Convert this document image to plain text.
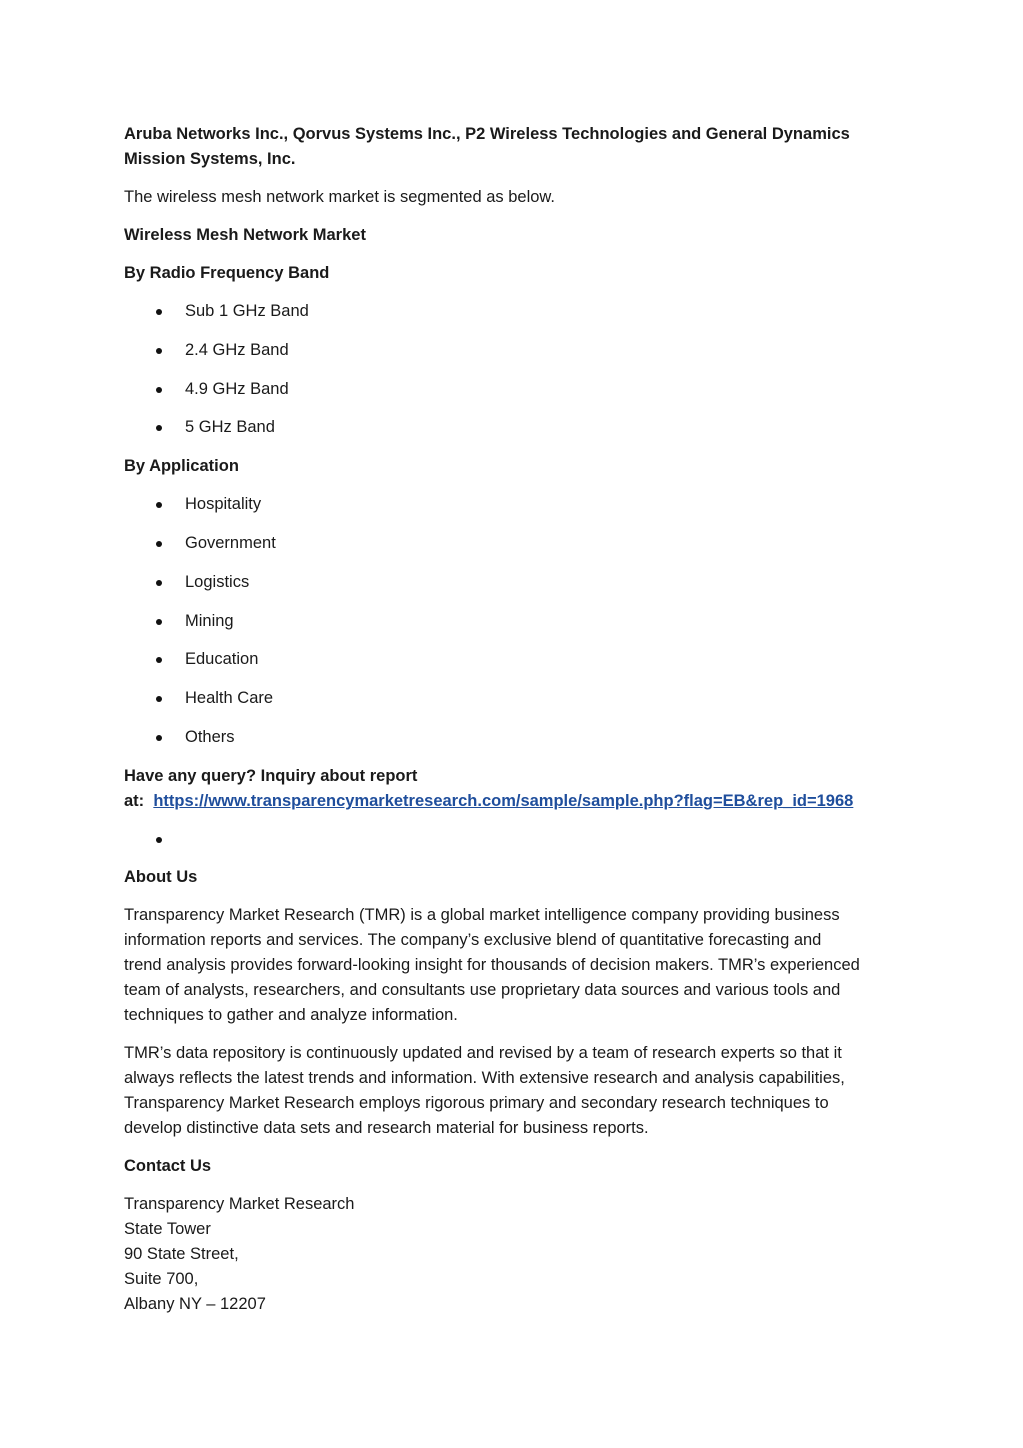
Aruba Networks Inc., Qorvus Systems Inc., P2 Wireless Technologies and General Dynamics
Mission Systems, Inc.

The wireless mesh network market is segmented as below.

Wireless Mesh Network Market

By Radio Frequency Band

Sub 1 GHz Band
2.4 GHz Band
4.9 GHz Band
5 GHz Band

By Application

Hospitality
Government
Logistics
Mining
Education
Health Care
Others
Have any query? Inquiry about report
at: https://www.transparencymarketresearch.com/sample/sample.php?flag=EB&rep_id=1968

About Us

Transparency Market Research (TMR) is a global market intelligence company providing business
information reports and services. The company’s exclusive blend of quantitative forecasting and
trend analysis provides forward-looking insight for thousands of decision makers. TMR’s experienced
team of analysts, researchers, and consultants use proprietary data sources and various tools and
techniques to gather and analyze information.
TMR’s data repository is continuously updated and revised by a team of research experts so that it
always reflects the latest trends and information. With extensive research and analysis capabilities,
Transparency Market Research employs rigorous primary and secondary research techniques to
develop distinctive data sets and research material for business reports.

Contact Us

Transparency Market Research
State Tower
90 State Street,
Suite 700,
Albany NY – 12207
